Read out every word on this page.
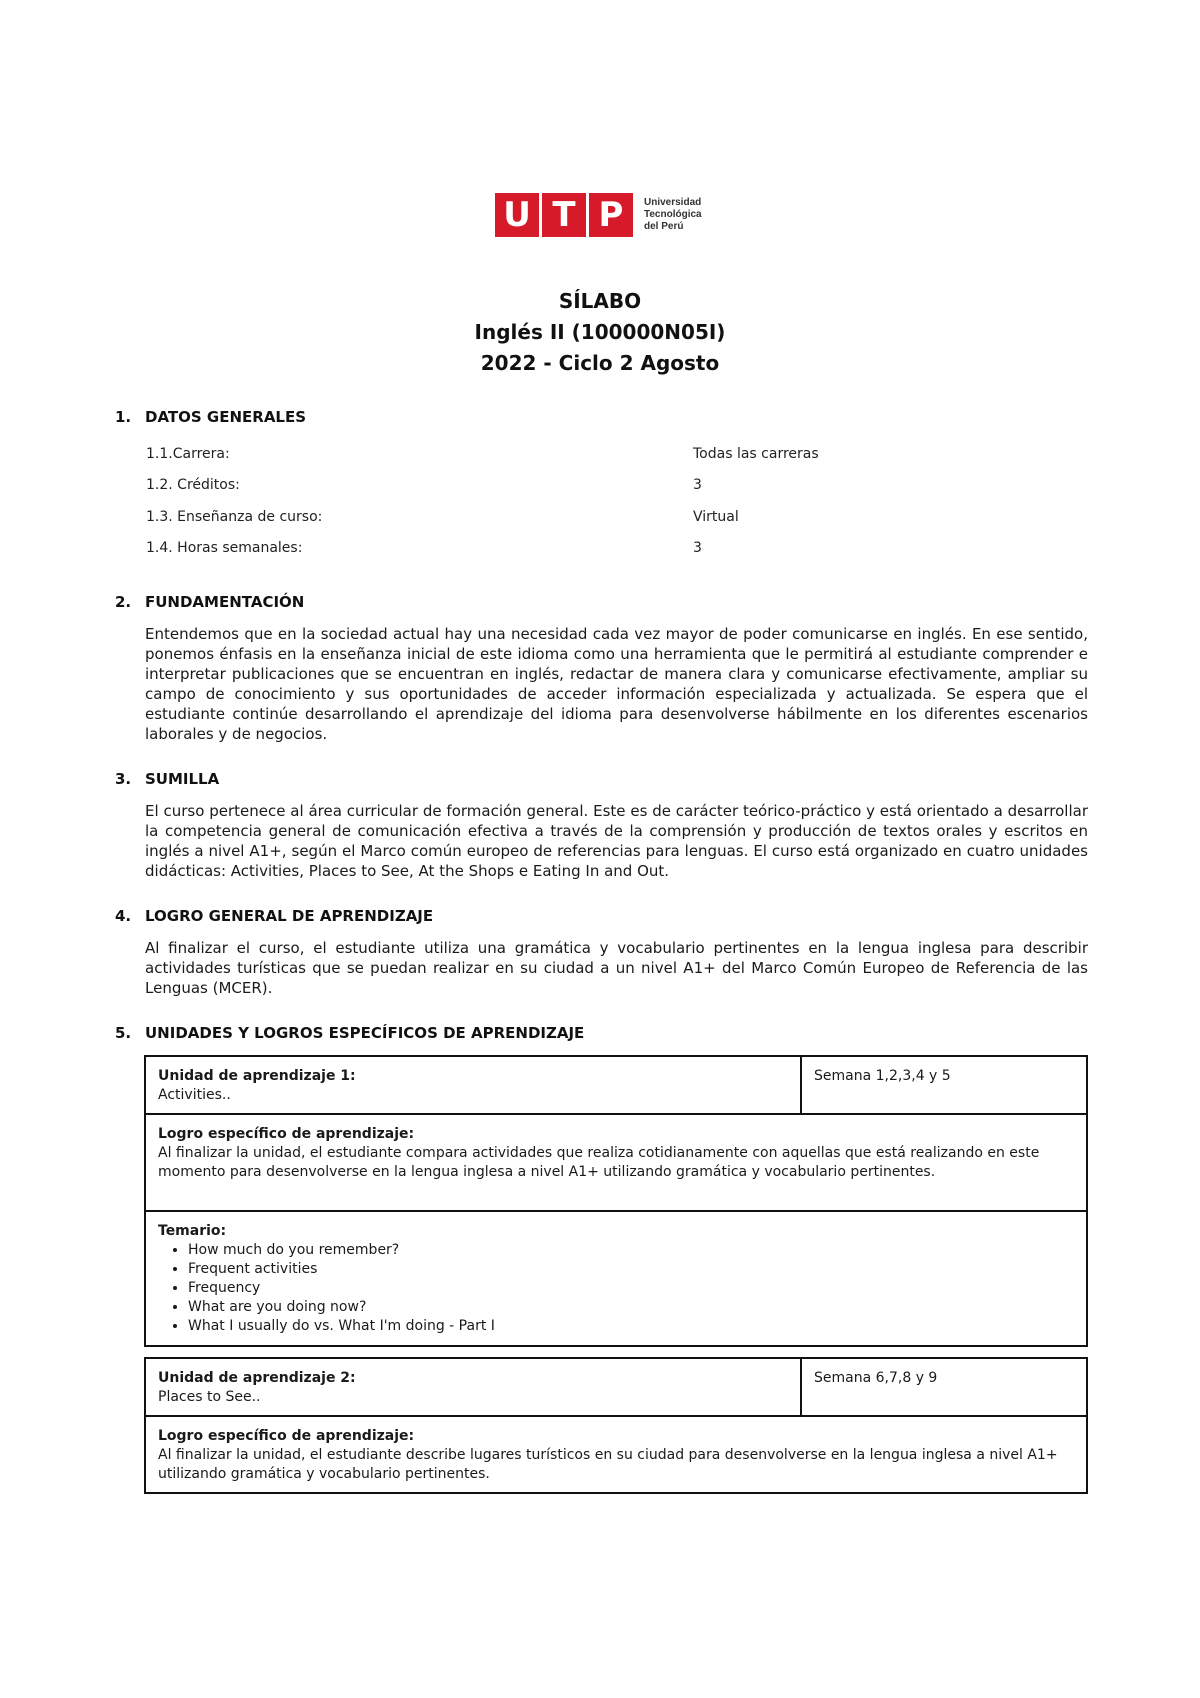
U T P	Universidad
Tecnológica
del Perú
SÍLABO
Inglés II (100000N05I)
2022 - Ciclo 2 Agosto
1. DATOS GENERALES
1.1.Carrera:	Todas las carreras
1.2. Créditos:	3
1.3. Enseñanza de curso:	Virtual
1.4. Horas semanales:	3
2. FUNDAMENTACIÓN
Entendemos que en la sociedad actual hay una necesidad cada vez mayor de poder comunicarse en inglés. En ese sentido, ponemos énfasis en la enseñanza inicial de este idioma como una herramienta que le permitirá al estudiante comprender e interpretar publicaciones que se encuentran en inglés, redactar de manera clara y comunicarse efectivamente, ampliar su campo de conocimiento y sus oportunidades de acceder información especializada y actualizada. Se espera que el estudiante continúe desarrollando el aprendizaje del idioma para desenvolverse hábilmente en los diferentes escenarios laborales y de negocios.
3. SUMILLA
El curso pertenece al área curricular de formación general. Este es de carácter teórico-práctico y está orientado a desarrollar la competencia general de comunicación efectiva a través de la comprensión y producción de textos orales y escritos en inglés a nivel A1+, según el Marco común europeo de referencias para lenguas. El curso está organizado en cuatro unidades didácticas: Activities, Places to See, At the Shops e Eating In and Out.
4. LOGRO GENERAL DE APRENDIZAJE
Al finalizar el curso, el estudiante utiliza una gramática y vocabulario pertinentes en la lengua inglesa para describir actividades turísticas que se puedan realizar en su ciudad a un nivel A1+ del Marco Común Europeo de Referencia de las Lenguas (MCER).
5. UNIDADES Y LOGROS ESPECÍFICOS DE APRENDIZAJE
Unidad de aprendizaje 1:
Activities..
	Semana 1,2,3,4 y 5

Logro específico de aprendizaje:
Al finalizar la unidad, el estudiante compara actividades que realiza cotidianamente con aquellas que está realizando en este momento para desenvolverse en la lengua inglesa a nivel A1+ utilizando gramática y vocabulario pertinentes.

Temario:
• How much do you remember?
• Frequent activities
• Frequency
• What are you doing now?
• What I usually do vs. What I'm doing - Part I
Unidad de aprendizaje 2:
Places to See..
	Semana 6,7,8 y 9

Logro específico de aprendizaje:
Al finalizar la unidad, el estudiante describe lugares turísticos en su ciudad para desenvolverse en la lengua inglesa a nivel A1+ utilizando gramática y vocabulario pertinentes.
